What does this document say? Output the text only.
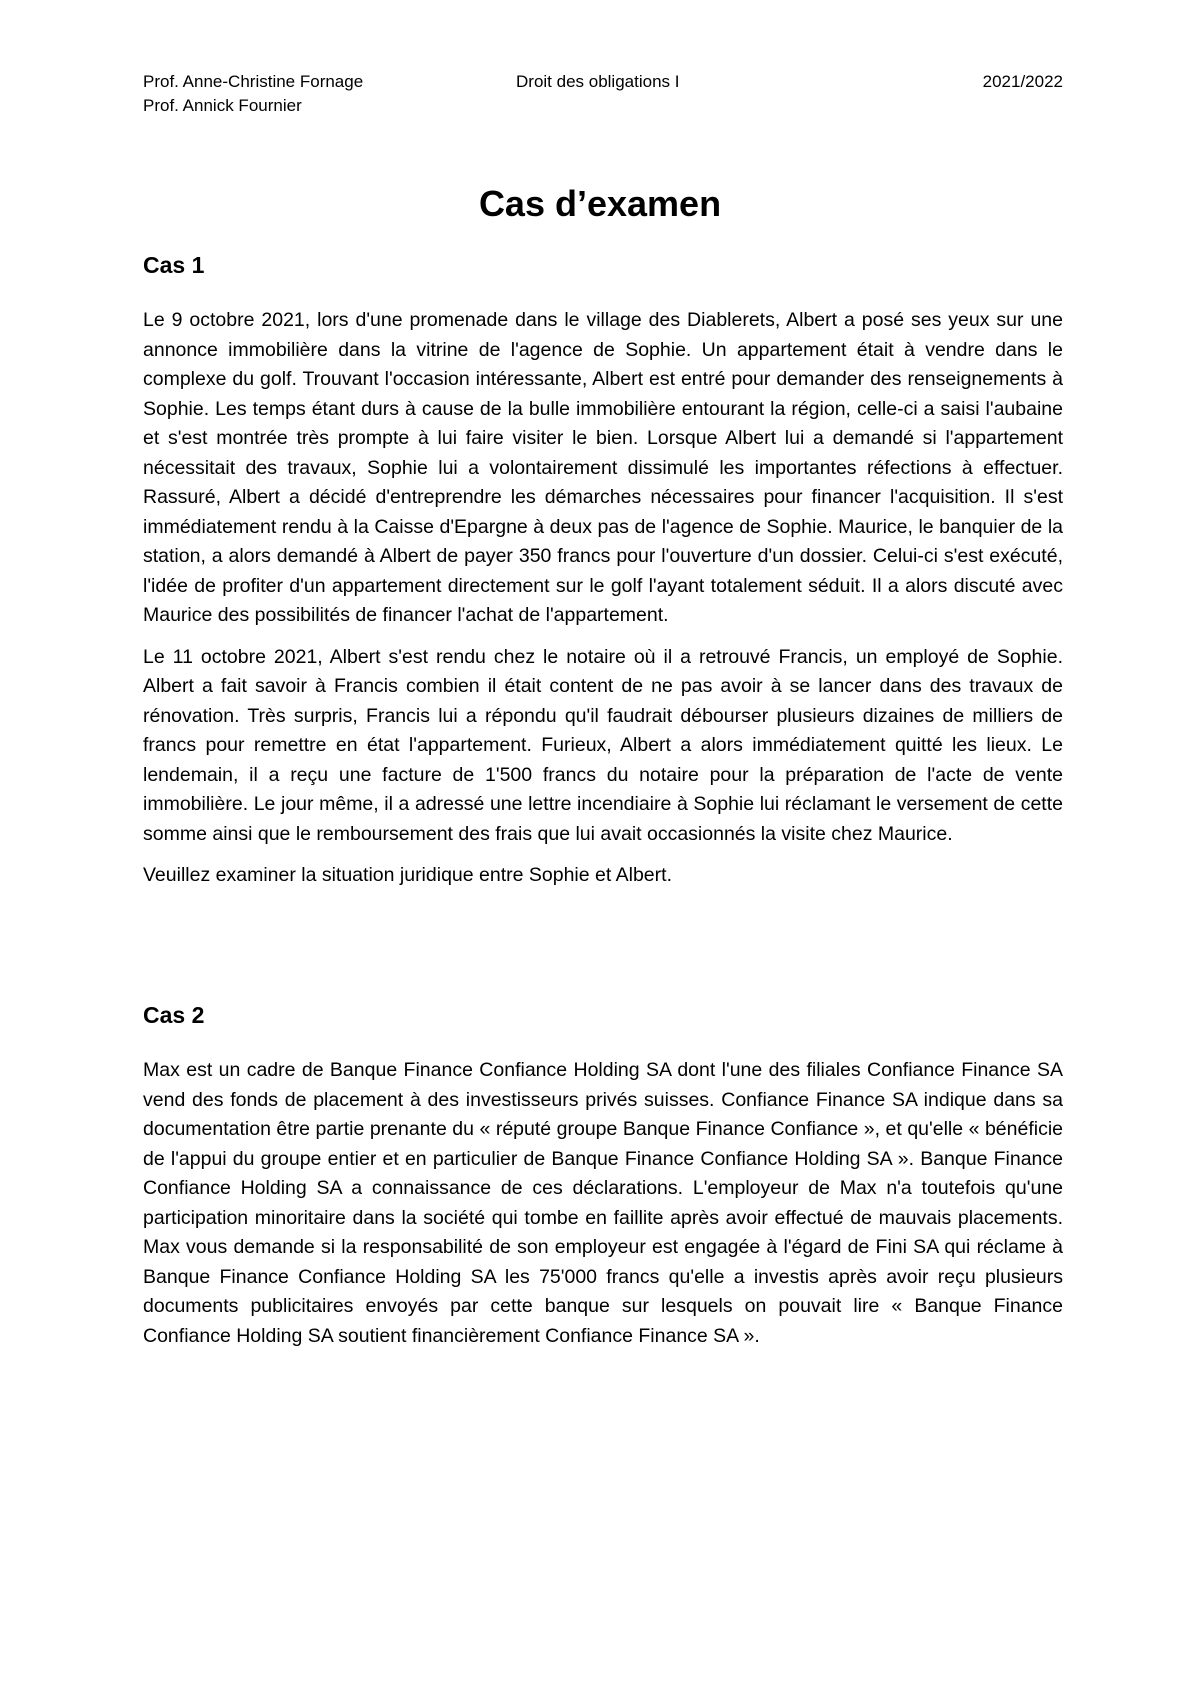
Prof. Anne-Christine Fornage
Prof. Annick Fournier
Droit des obligations I	2021/2022
Cas d’examen
Cas 1

Le 9 octobre 2021, lors d'une promenade dans le village des Diablerets, Albert a posé ses yeux sur une annonce immobilière dans la vitrine de l'agence de Sophie. Un appartement était à vendre dans le complexe du golf. Trouvant l'occasion intéressante, Albert est entré pour demander des renseignements à Sophie. Les temps étant durs à cause de la bulle immobilière entourant la région, celle-ci a saisi l'aubaine et s'est montrée très prompte à lui faire visiter le bien. Lorsque Albert lui a demandé si l'appartement nécessitait des travaux, Sophie lui a volontairement dissimulé les importantes réfections à effectuer. Rassuré, Albert a décidé d'entreprendre les démarches nécessaires pour financer l'acquisition. Il s'est immédiatement rendu à la Caisse d'Epargne à deux pas de l'agence de Sophie. Maurice, le banquier de la station, a alors demandé à Albert de payer 350 francs pour l'ouverture d'un dossier. Celui-ci s'est exécuté, l'idée de profiter d'un appartement directement sur le golf l'ayant totalement séduit. Il a alors discuté avec Maurice des possibilités de financer l'achat de l'appartement.

Le 11 octobre 2021, Albert s'est rendu chez le notaire où il a retrouvé Francis, un employé de Sophie. Albert a fait savoir à Francis combien il était content de ne pas avoir à se lancer dans des travaux de rénovation. Très surpris, Francis lui a répondu qu'il faudrait débourser plusieurs dizaines de milliers de francs pour remettre en état l'appartement. Furieux, Albert a alors immédiatement quitté les lieux. Le lendemain, il a reçu une facture de 1'500 francs du notaire pour la préparation de l'acte de vente immobilière. Le jour même, il a adressé une lettre incendiaire à Sophie lui réclamant le versement de cette somme ainsi que le remboursement des frais que lui avait occasionnés la visite chez Maurice.

Veuillez examiner la situation juridique entre Sophie et Albert.

Cas 2

Max est un cadre de Banque Finance Confiance Holding SA dont l'une des filiales Confiance Finance SA vend des fonds de placement à des investisseurs privés suisses. Confiance Finance SA indique dans sa documentation être partie prenante du « réputé groupe Banque Finance Confiance », et qu'elle « bénéficie de l'appui du groupe entier et en particulier de Banque Finance Confiance Holding SA ». Banque Finance Confiance Holding SA a connaissance de ces déclarations. L'employeur de Max n'a toutefois qu'une participation minoritaire dans la société qui tombe en faillite après avoir effectué de mauvais placements. Max vous demande si la responsabilité de son employeur est engagée à l'égard de Fini SA qui réclame à Banque Finance Confiance Holding SA les 75'000 francs qu'elle a investis après avoir reçu plusieurs documents publicitaires envoyés par cette banque sur lesquels on pouvait lire « Banque Finance Confiance Holding SA soutient financièrement Confiance Finance SA ».
